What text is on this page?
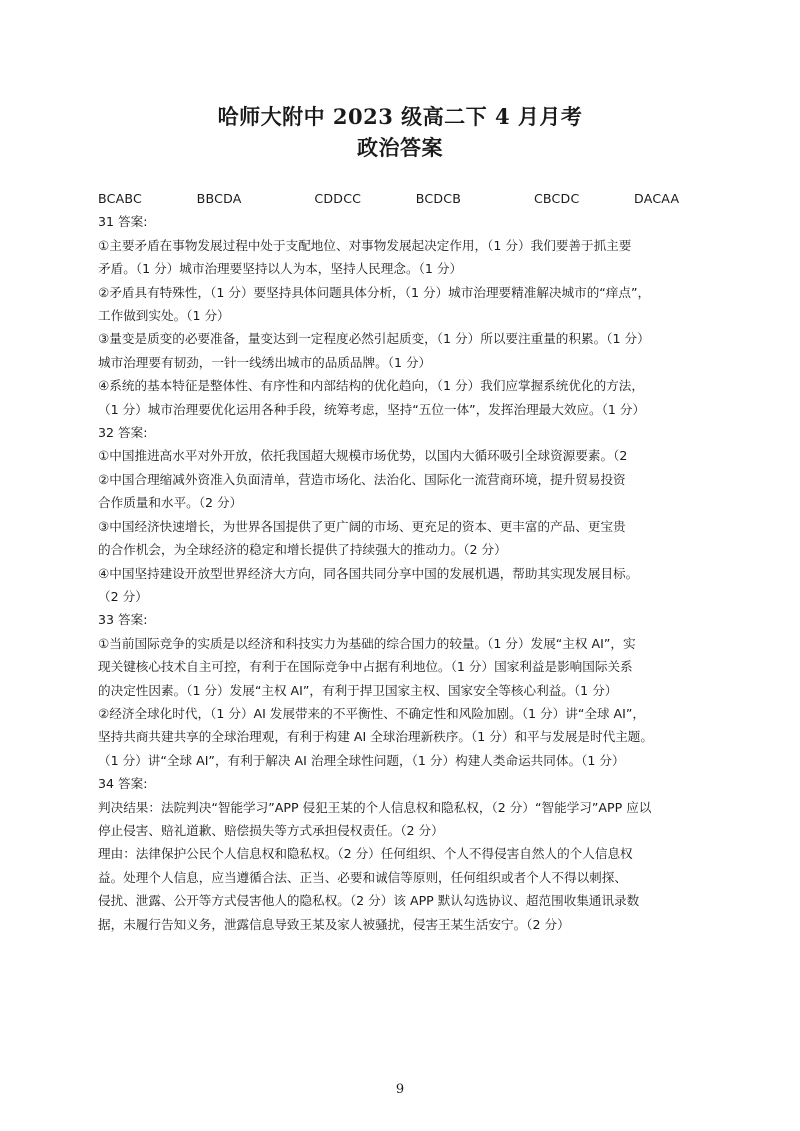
哈师大附中 2023 级高二下 4 月月考
政治答案
BCABC   BBCDA    CDDCC   BCDCB    CBCDC   DACAA
31 答案:
①主要矛盾在事物发展过程中处于支配地位、对事物发展起决定作用，（1 分）我们要善于抓主要
矛盾。（1 分）城市治理要坚持以人为本，坚持人民理念。（1 分）
②矛盾具有特殊性，（1 分）要坚持具体问题具体分析，（1 分）城市治理要精准解决城市的“痒点”，
工作做到实处。（1 分）
③量变是质变的必要准备，量变达到一定程度必然引起质变，（1 分）所以要注重量的积累。（1 分）
城市治理要有韧劲，一针一线绣出城市的品质品牌。（1 分）
④系统的基本特征是整体性、有序性和内部结构的优化趋向，（1 分）我们应掌握系统优化的方法，
（1 分）城市治理要优化运用各种手段，统筹考虑，坚持“五位一体”，发挥治理最大效应。（1 分）
32 答案:
①中国推进高水平对外开放，依托我国超大规模市场优势，以国内大循环吸引全球资源要素。（2
②中国合理缩减外资准入负面清单，营造市场化、法治化、国际化一流营商环境，提升贸易投资
合作质量和水平。（2 分）
③中国经济快速增长，为世界各国提供了更广阔的市场、更充足的资本、更丰富的产品、更宝贵
的合作机会，为全球经济的稳定和增长提供了持续强大的推动力。（2 分）
④中国坚持建设开放型世界经济大方向，同各国共同分享中国的发展机遇，帮助其实现发展目标。
（2 分）
33 答案:
①当前国际竞争的实质是以经济和科技实力为基础的综合国力的较量。（1 分）发展“主权 AI”，实
现关键核心技术自主可控，有利于在国际竞争中占据有利地位。（1 分）国家利益是影响国际关系
的决定性因素。（1 分）发展“主权 AI”，有利于捍卫国家主权、国家安全等核心利益。（1 分）
②经济全球化时代，（1 分）AI 发展带来的不平衡性、不确定性和风险加剧。（1 分）讲“全球 AI”，
坚持共商共建共享的全球治理观，有利于构建 AI 全球治理新秩序。（1 分）和平与发展是时代主题。
（1 分）讲“全球 AI”，有利于解决 AI 治理全球性问题，（1 分）构建人类命运共同体。（1 分）
34 答案:
判决结果：法院判决“智能学习”APP 侵犯王某的个人信息权和隐私权，（2 分）“智能学习”APP 应以
停止侵害、赔礼道歉、赔偿损失等方式承担侵权责任。（2 分）
理由：法律保护公民个人信息权和隐私权。（2 分）任何组织、个人不得侵害自然人的个人信息权
益。处理个人信息，应当遵循合法、正当、必要和诚信等原则，任何组织或者个人不得以刺探、
侵扰、泄露、公开等方式侵害他人的隐私权。（2 分）该 APP 默认勾选协议、超范围收集通讯录数
据，未履行告知义务，泄露信息导致王某及家人被骚扰，侵害王某生活安宁。（2 分）
9
